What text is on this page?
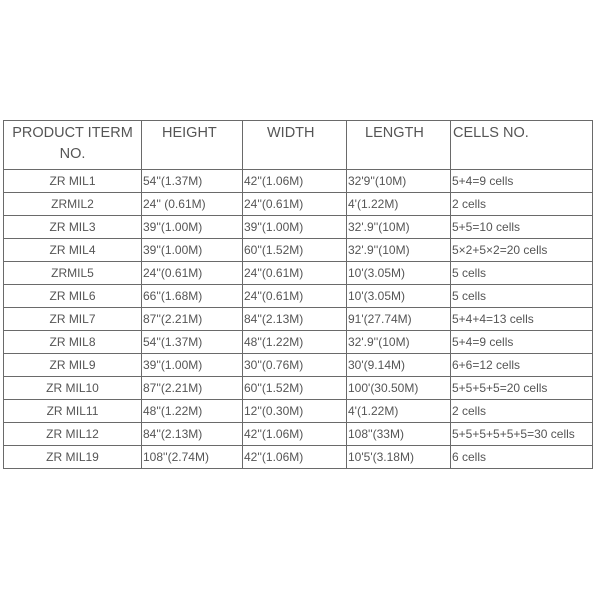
PRODUCT ITERM NO.	HEIGHT	WIDTH	LENGTH	CELLS NO.
ZR MIL1	54''(1.37M)	42''(1.06M)	32'9''(10M)	5+4=9 cells
ZRMIL2	24'' (0.61M)	24''(0.61M)	4'(1.22M)	2 cells
ZR MIL3	39''(1.00M)	39''(1.00M)	32'.9''(10M)	5+5=10 cells
ZR MIL4	39''(1.00M)	60''(1.52M)	32'.9''(10M)	5×2+5×2=20 cells
ZRMIL5	24''(0.61M)	24''(0.61M)	10'(3.05M)	5 cells
ZR MIL6	66''(1.68M)	24''(0.61M)	10'(3.05M)	5 cells
ZR MIL7	87''(2.21M)	84''(2.13M)	91'(27.74M)	5+4+4=13 cells
ZR MIL8	54''(1.37M)	48''(1.22M)	32'.9''(10M)	5+4=9 cells
ZR MIL9	39''(1.00M)	30''(0.76M)	30'(9.14M)	6+6=12 cells
ZR MIL10	87''(2.21M)	60''(1.52M)	100'(30.50M)	5+5+5+5=20 cells
ZR MIL11	48''(1.22M)	12''(0.30M)	4'(1.22M)	2 cells
ZR MIL12	84''(2.13M)	42''(1.06M)	108''(33M)	5+5+5+5+5+5=30 cells
ZR MIL19	108''(2.74M)	42''(1.06M)	10'5'(3.18M)	6 cells
